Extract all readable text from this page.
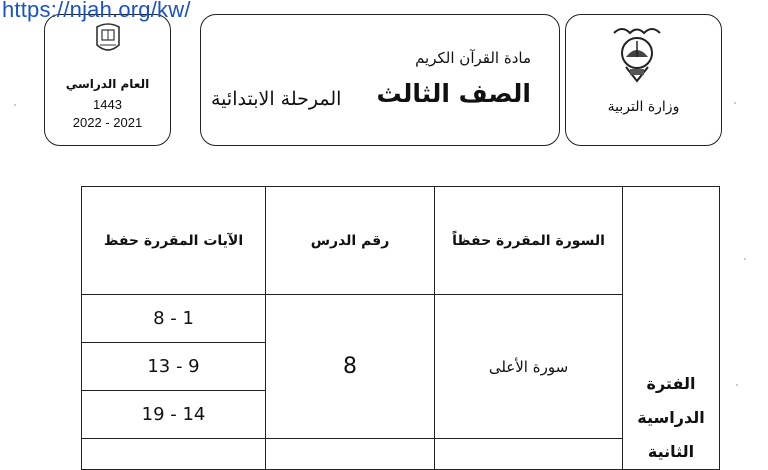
https://njah.org/kw/
العام الدراسي
1443
2022 - 2021
مادة القرآن الكريم
الصف الثالث
المرحلة الابتدائية	وزارة التربية
الآيات المقررة حفظ	رقم الدرس	السورة المقررة حفظاً	الفترة
الدراسية
الثانية

8 - 1	8	سورة الأعلى	
13 - 9			
19 - 14			
